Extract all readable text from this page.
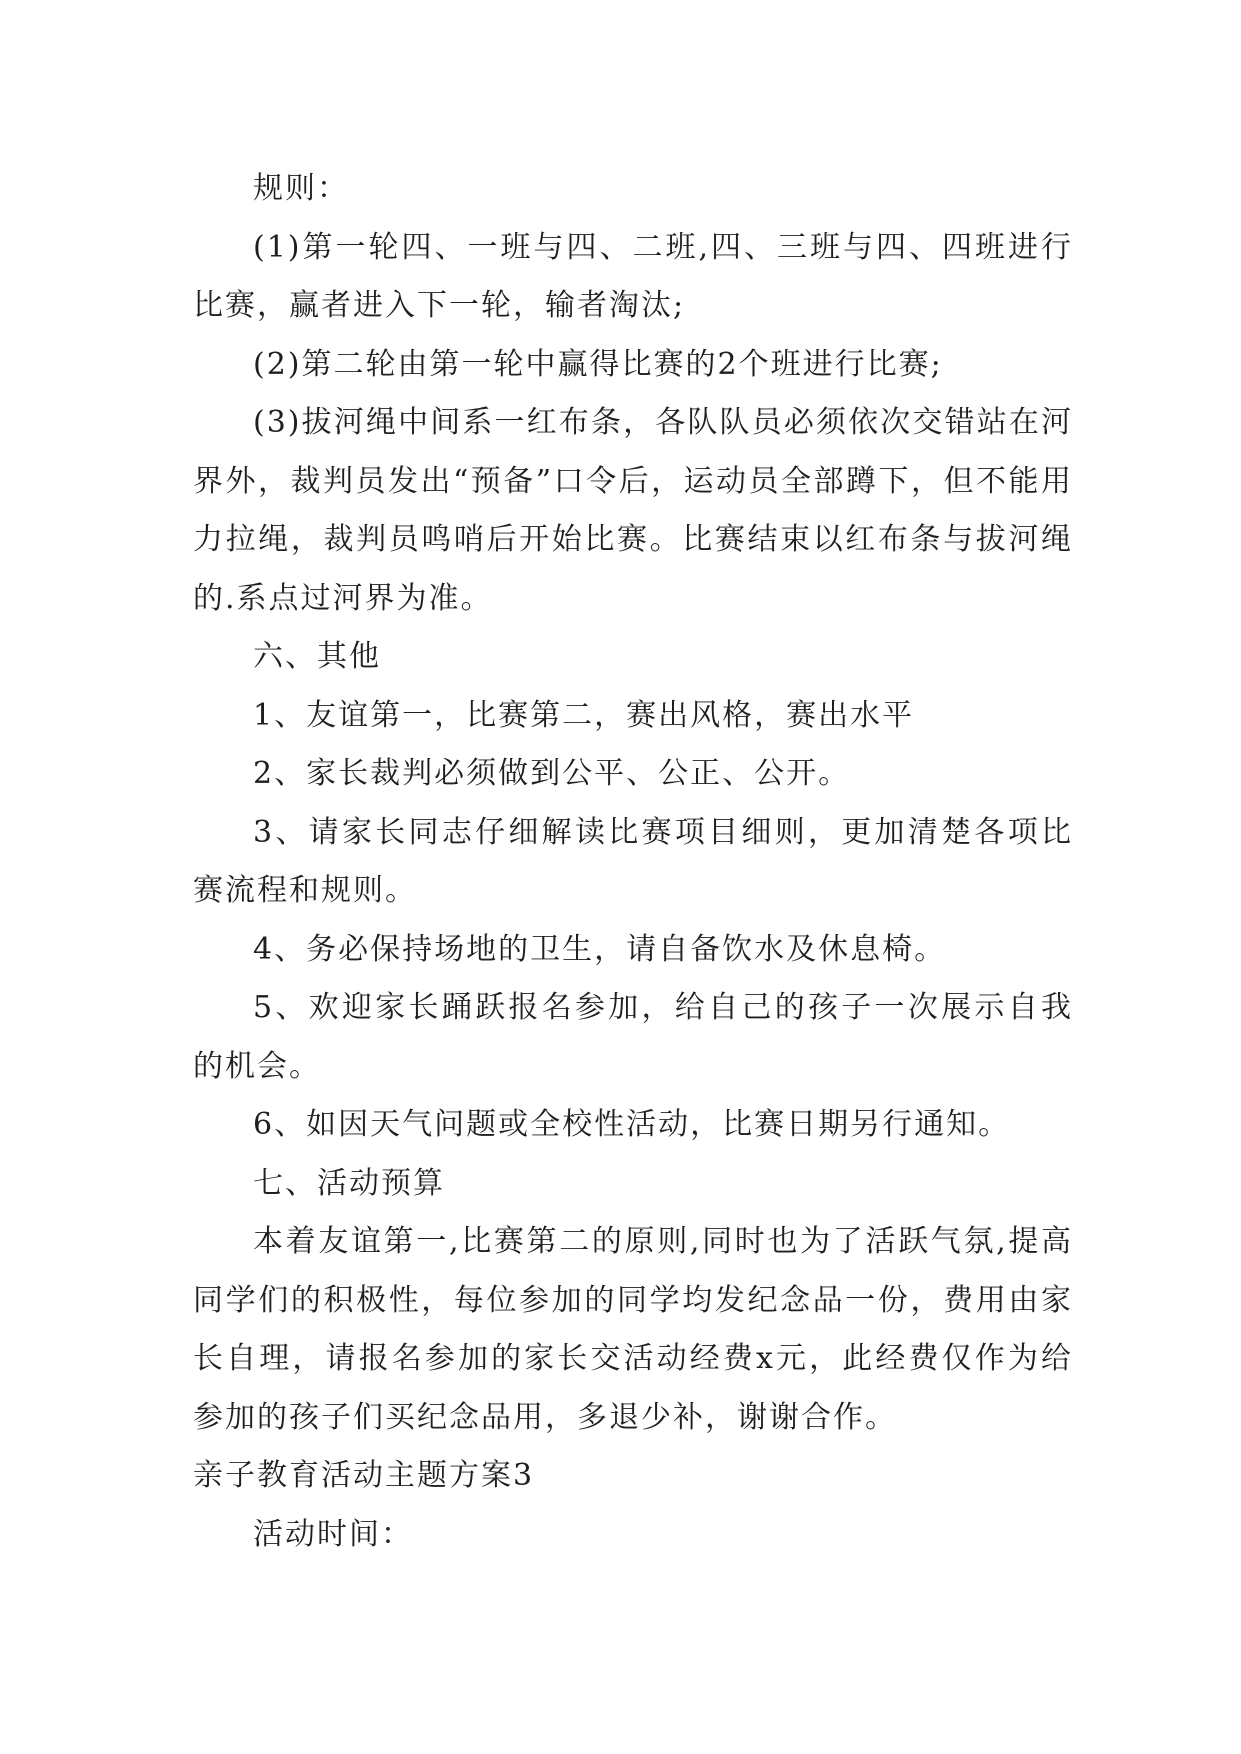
规则：

(1)第一轮四、一班与四、二班,四、三班与四、四班进行比赛，赢者进入下一轮，输者淘汰;

(2)第二轮由第一轮中赢得比赛的2个班进行比赛;

(3)拔河绳中间系一红布条，各队队员必须依次交错站在河界外，裁判员发出“预备”口令后，运动员全部蹲下，但不能用力拉绳，裁判员鸣哨后开始比赛。比赛结束以红布条与拔河绳的.系点过河界为准。

六、其他

1、友谊第一，比赛第二，赛出风格，赛出水平

2、家长裁判必须做到公平、公正、公开。

3、请家长同志仔细解读比赛项目细则，更加清楚各项比赛流程和规则。

4、务必保持场地的卫生，请自备饮水及休息椅。

5、欢迎家长踊跃报名参加，给自己的孩子一次展示自我的机会。

6、如因天气问题或全校性活动，比赛日期另行通知。

七、活动预算

本着友谊第一,比赛第二的原则,同时也为了活跃气氛,提高同学们的积极性，每位参加的同学均发纪念品一份，费用由家长自理，请报名参加的家长交活动经费x元，此经费仅作为给参加的孩子们买纪念品用，多退少补，谢谢合作。

亲子教育活动主题方案3

活动时间：
